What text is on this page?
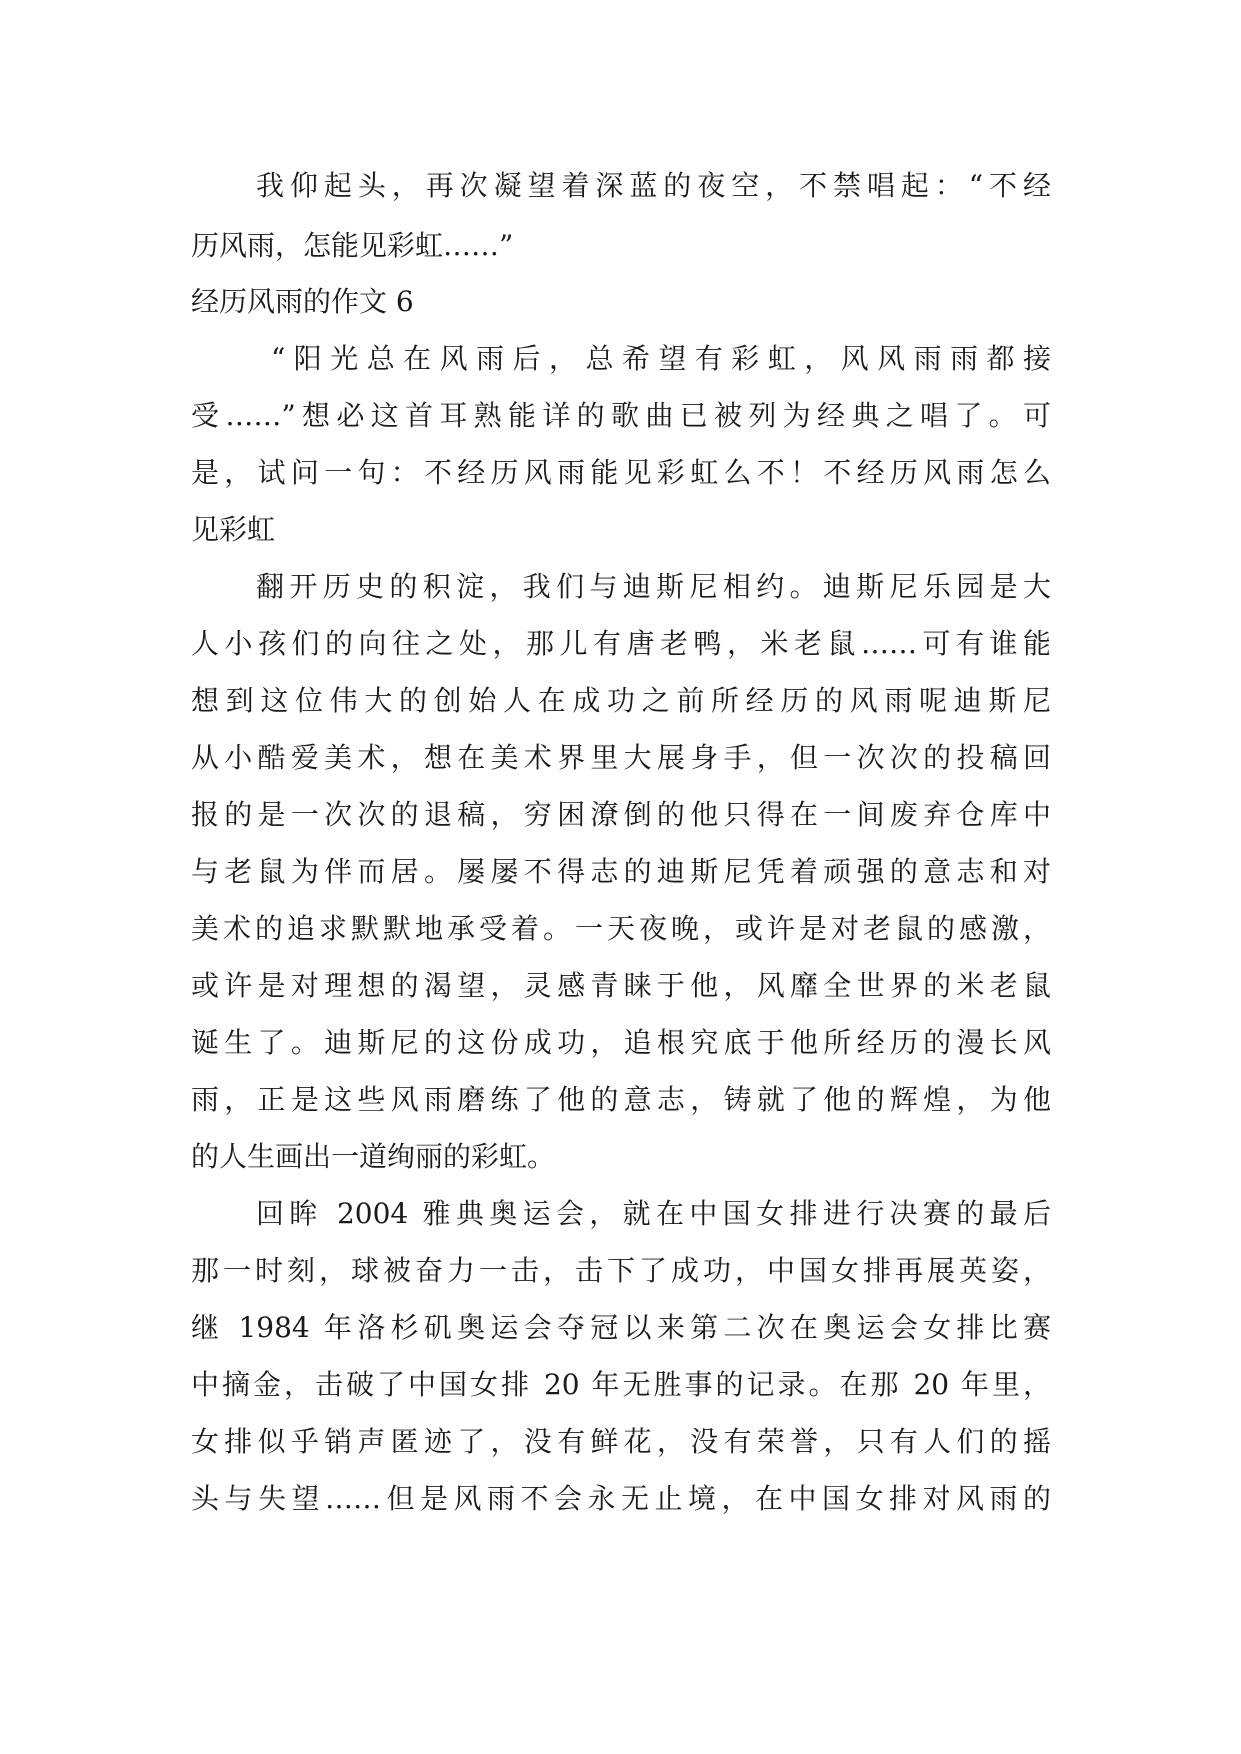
我仰起头，再次凝望着深蓝的夜空，不禁唱起：“不经
历风雨，怎能见彩虹……”
经历风雨的作文 6
“阳光总在风雨后，总希望有彩虹，风风雨雨都接
受……”想必这首耳熟能详的歌曲已被列为经典之唱了。可
是，试问一句：不经历风雨能见彩虹么不！不经历风雨怎么
见彩虹
翻开历史的积淀，我们与迪斯尼相约。迪斯尼乐园是大
人小孩们的向往之处，那儿有唐老鸭，米老鼠……可有谁能
想到这位伟大的创始人在成功之前所经历的风雨呢迪斯尼
从小酷爱美术，想在美术界里大展身手，但一次次的投稿回
报的是一次次的退稿，穷困潦倒的他只得在一间废弃仓库中
与老鼠为伴而居。屡屡不得志的迪斯尼凭着顽强的意志和对
美术的追求默默地承受着。一天夜晚，或许是对老鼠的感激，
或许是对理想的渴望，灵感青睐于他，风靡全世界的米老鼠
诞生了。迪斯尼的这份成功，追根究底于他所经历的漫长风
雨，正是这些风雨磨练了他的意志，铸就了他的辉煌，为他
的人生画出一道绚丽的彩虹。
回眸 2004 雅典奥运会，就在中国女排进行决赛的最后
那一时刻，球被奋力一击，击下了成功，中国女排再展英姿，
继 1984 年洛杉矶奥运会夺冠以来第二次在奥运会女排比赛
中摘金，击破了中国女排 20 年无胜事的记录。在那 20 年里，
女排似乎销声匿迹了，没有鲜花，没有荣誉，只有人们的摇
头与失望……但是风雨不会永无止境，在中国女排对风雨的
